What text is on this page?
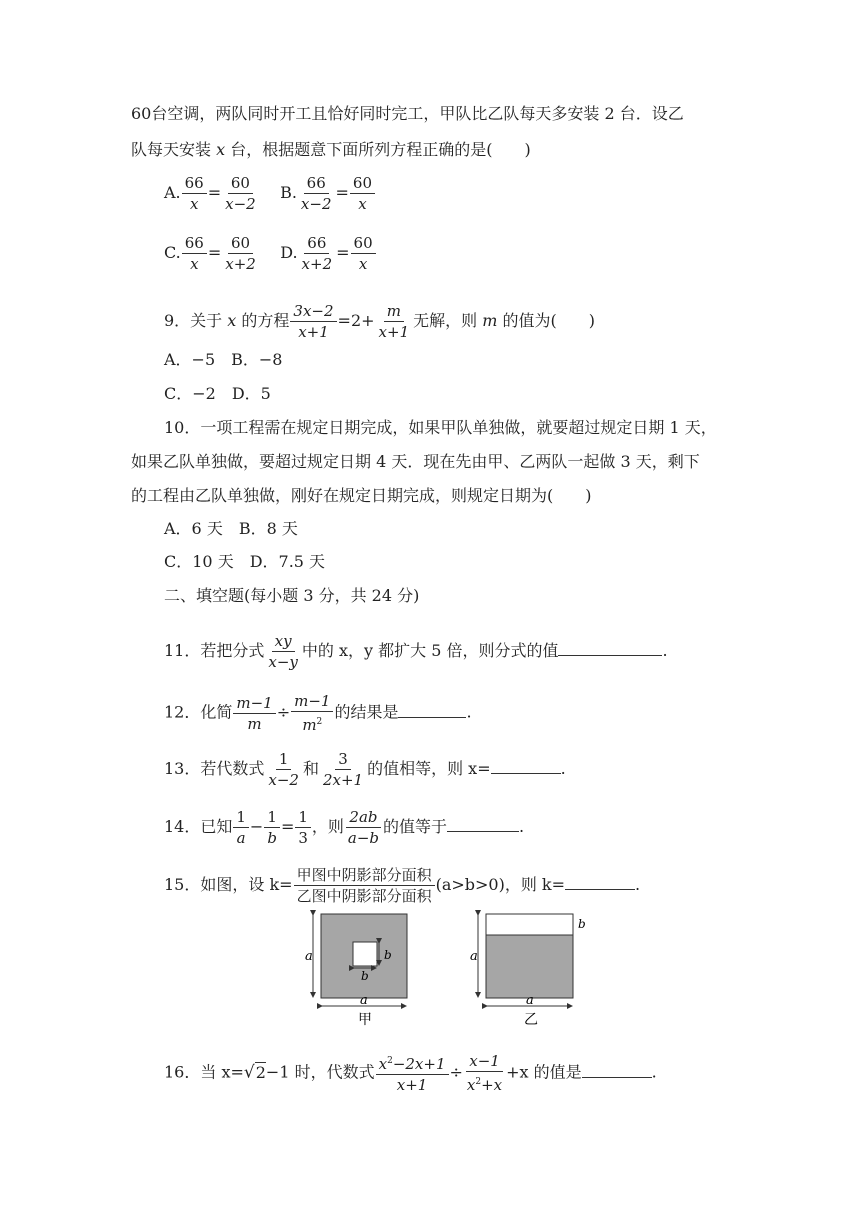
60台空调，两队同时开工且恰好同时完工，甲队比乙队每天多安装 2 台．设乙
队每天安装 x 台，根据题意下面所列方程正确的是(　　)
A. $\frac{66}{x} = \frac{60}{x-2} B$. $\frac{66}{x-2} = \frac{60}{x}$
C. $\frac{66}{x} = \frac{60}{x+2} D$. $\frac{66}{x+2} = \frac{60}{x}$
9．关于 x 的方程 $\frac{3x-2}{x+1} =2+ \frac{m}{x+1}$ 无解，则 m 的值为(　　)
A．−5　B．−8
C．−2　D．5
10．一项工程需在规定日期完成，如果甲队单独做，就要超过规定日期 1 天，
如果乙队单独做，要超过规定日期 4 天．现在先由甲、乙两队一起做 3 天，剩下
的工程由乙队单独做，刚好在规定日期完成，则规定日期为(　　)
A．6 天　B．8 天
C．10 天　D．7.5 天
二、填空题(每小题 3 分，共 24 分)
11．若把分式 $\frac{xy}{x-y}$ 中的 x，y 都扩大 5 倍，则分式的值	.
12．化简 $\frac{m-1}{m} \div \frac{m-1}{m^2}$ 的结果是	.
13．若代数式 $\frac{1}{x-2}$ 和 $\frac{3}{2x+1}$ 的值相等，则 x=	.
14．已知 $\frac{1}{a} - \frac{1}{b} = \frac{1}{3}$ ，则 $\frac{2ab}{a-b}$ 的值等于	.
15．如图，设 $k= \frac{\text{甲图中阴影部分面积}}{\text{乙图中阴影部分面积}} (a>b>0)$，则 k=	.
a	b
b
a
甲
a
b
a
乙
16．当 x=√2−1 时，代数式 $\frac{x^2-2x+1}{x+1} \div \frac{x-1}{x^2+x} +x$ 的值是	.
